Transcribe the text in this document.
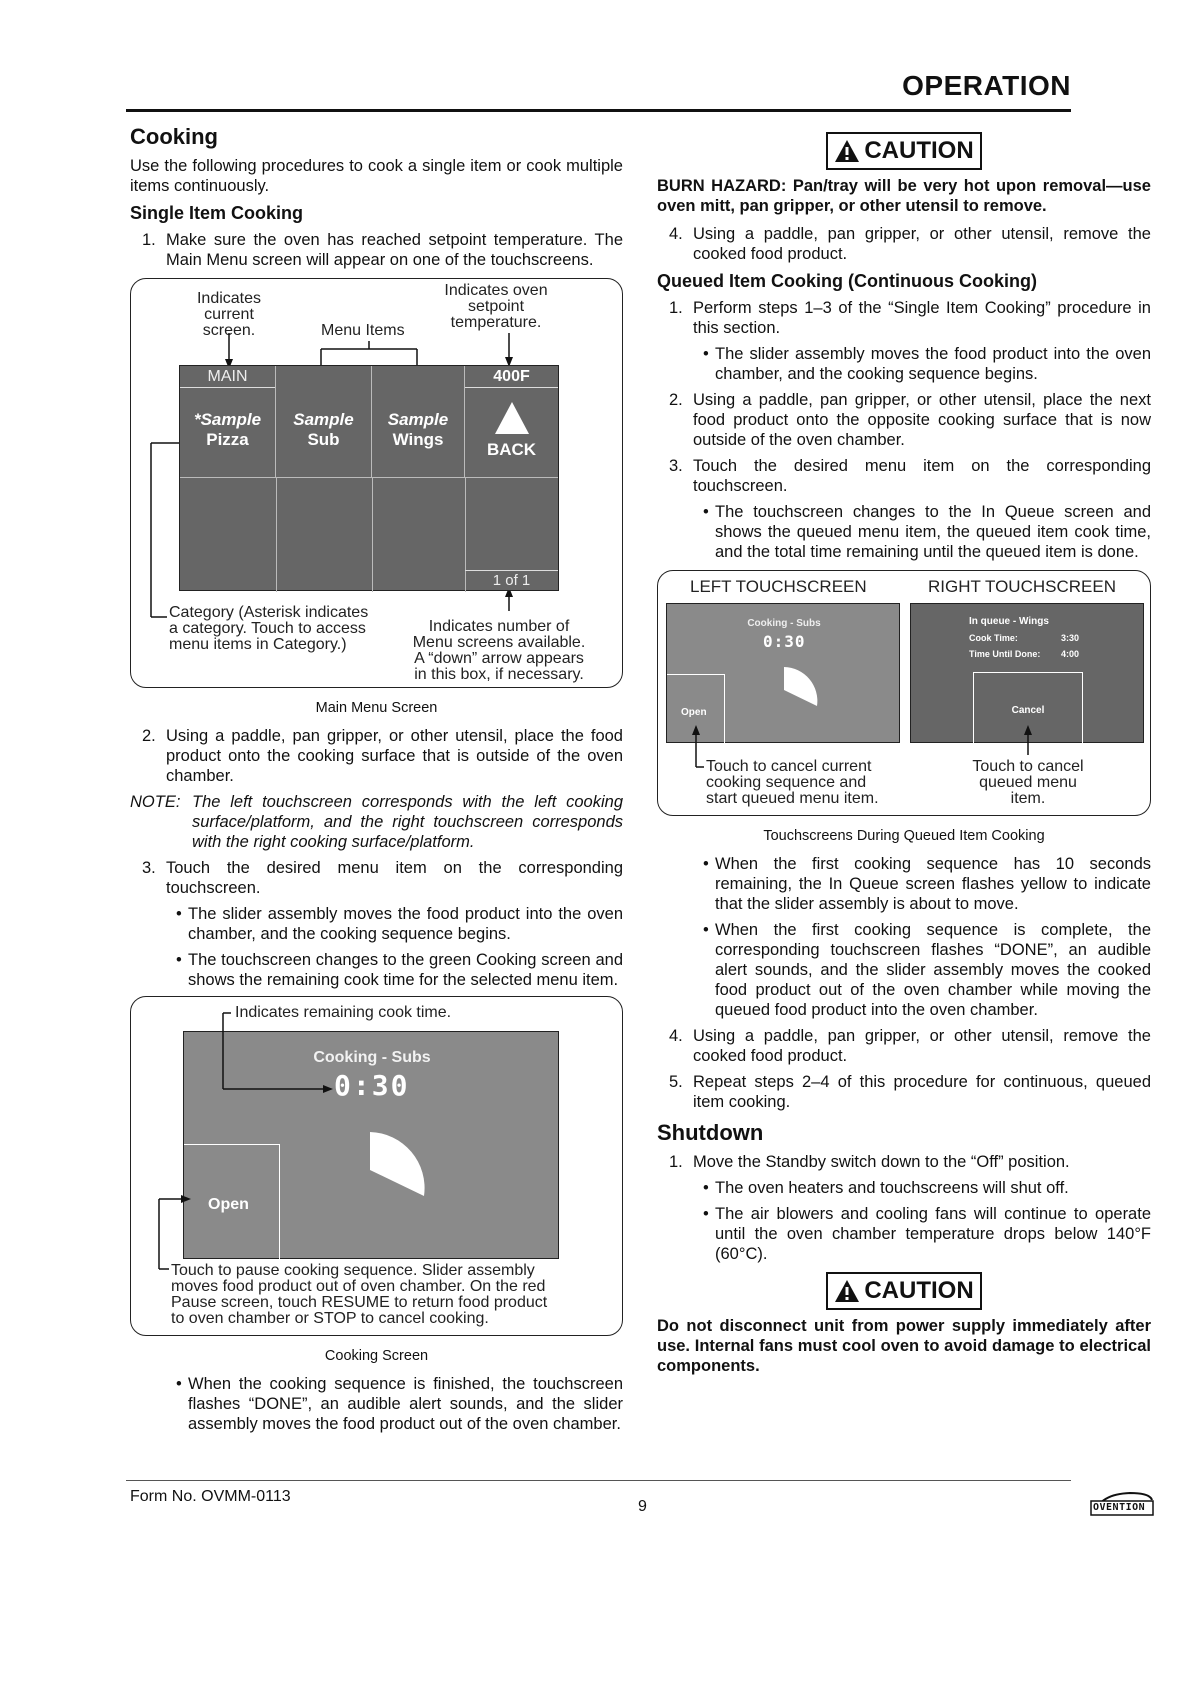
OPERATION
Cooking

Use the following procedures to cook a single item or cook multiple items continuously.

Single Item Cooking
1. Make sure the oven has reached setpoint temperature. The Main Menu screen will appear on one of the touchscreens.
Indicates
current
screen.	Menu Items
Indicates oven
setpoint
temperature.
MAIN
*Sample
Pizza
Sample
Sub
Sample
Wings
400F
BACK
1 of 1
Category (Asterisk indicates
a category. Touch to access
menu items in Category.)
Indicates number of
Menu screens available.
A “down” arrow appears
in this box, if necessary.
Main Menu Screen
2. Using a paddle, pan gripper, or other utensil, place the food product onto the cooking surface that is outside of the oven chamber.
NOTE: The left touchscreen corresponds with the left cooking surface/platform, and the right touchscreen corresponds with the right cooking surface/platform.
3. Touch the desired menu item on the corresponding touchscreen.
• The slider assembly moves the food product into the oven chamber, and the cooking sequence begins.
• The touchscreen changes to the green Cooking screen and shows the remaining cook time for the selected menu item.
Indicates remaining cook time.
Cooking - Subs
0:30
Open
Touch to pause cooking sequence. Slider assembly
moves food product out of oven chamber. On the red
Pause screen, touch RESUME to return food product
to oven chamber or STOP to cancel cooking.
Cooking Screen
• When the cooking sequence is finished, the touchscreen flashes “DONE”, an audible alert sounds, and the slider assembly moves the food product out of the oven chamber.
CAUTION

BURN HAZARD: Pan/tray will be very hot upon removal—use oven mitt, pan gripper, or other utensil to remove.

4. Using a paddle, pan gripper, or other utensil, remove the cooked food product.
Queued Item Cooking (Continuous Cooking)
1. Perform steps 1–3 of the “Single Item Cooking” procedure in this section.
• The slider assembly moves the food product into the oven chamber, and the cooking sequence begins.
2. Using a paddle, pan gripper, or other utensil, place the next food product onto the opposite cooking surface that is now outside of the oven chamber.
3. Touch the desired menu item on the corresponding touchscreen.
• The touchscreen changes to the In Queue screen and shows the queued menu item, the queued item cook time, and the total time remaining until the queued item is done.
LEFT TOUCHSCREEN	RIGHT TOUCHSCREEN
Cooking - Subs
0:30
Open
In queue - Wings
Cook Time:	3:30
Time Until Done: 4:00
Cancel
Touch to cancel current
cooking sequence and
start queued menu item.
Touch to cancel
queued menu
item.
Touchscreens During Queued Item Cooking
• When the first cooking sequence has 10 seconds remaining, the In Queue screen flashes yellow to indicate that the slider assembly is about to move.
• When the first cooking sequence is complete, the corresponding touchscreen flashes “DONE”, an audible alert sounds, and the slider assembly moves the cooked food product out of the oven chamber while moving the queued food product into the oven chamber.
4. Using a paddle, pan gripper, or other utensil, remove the cooked food product.
5. Repeat steps 2–4 of this procedure for continuous, queued item cooking.
Shutdown
1. Move the Standby switch down to the “Off” position.
• The oven heaters and touchscreens will shut off.
• The air blowers and cooling fans will continue to operate until the oven chamber temperature drops below 140°F (60°C).
CAUTION

Do not disconnect unit from power supply immediately after use. Internal fans must cool oven to avoid damage to electrical components.

Form No. OVMM-0113
9	OVENTION
